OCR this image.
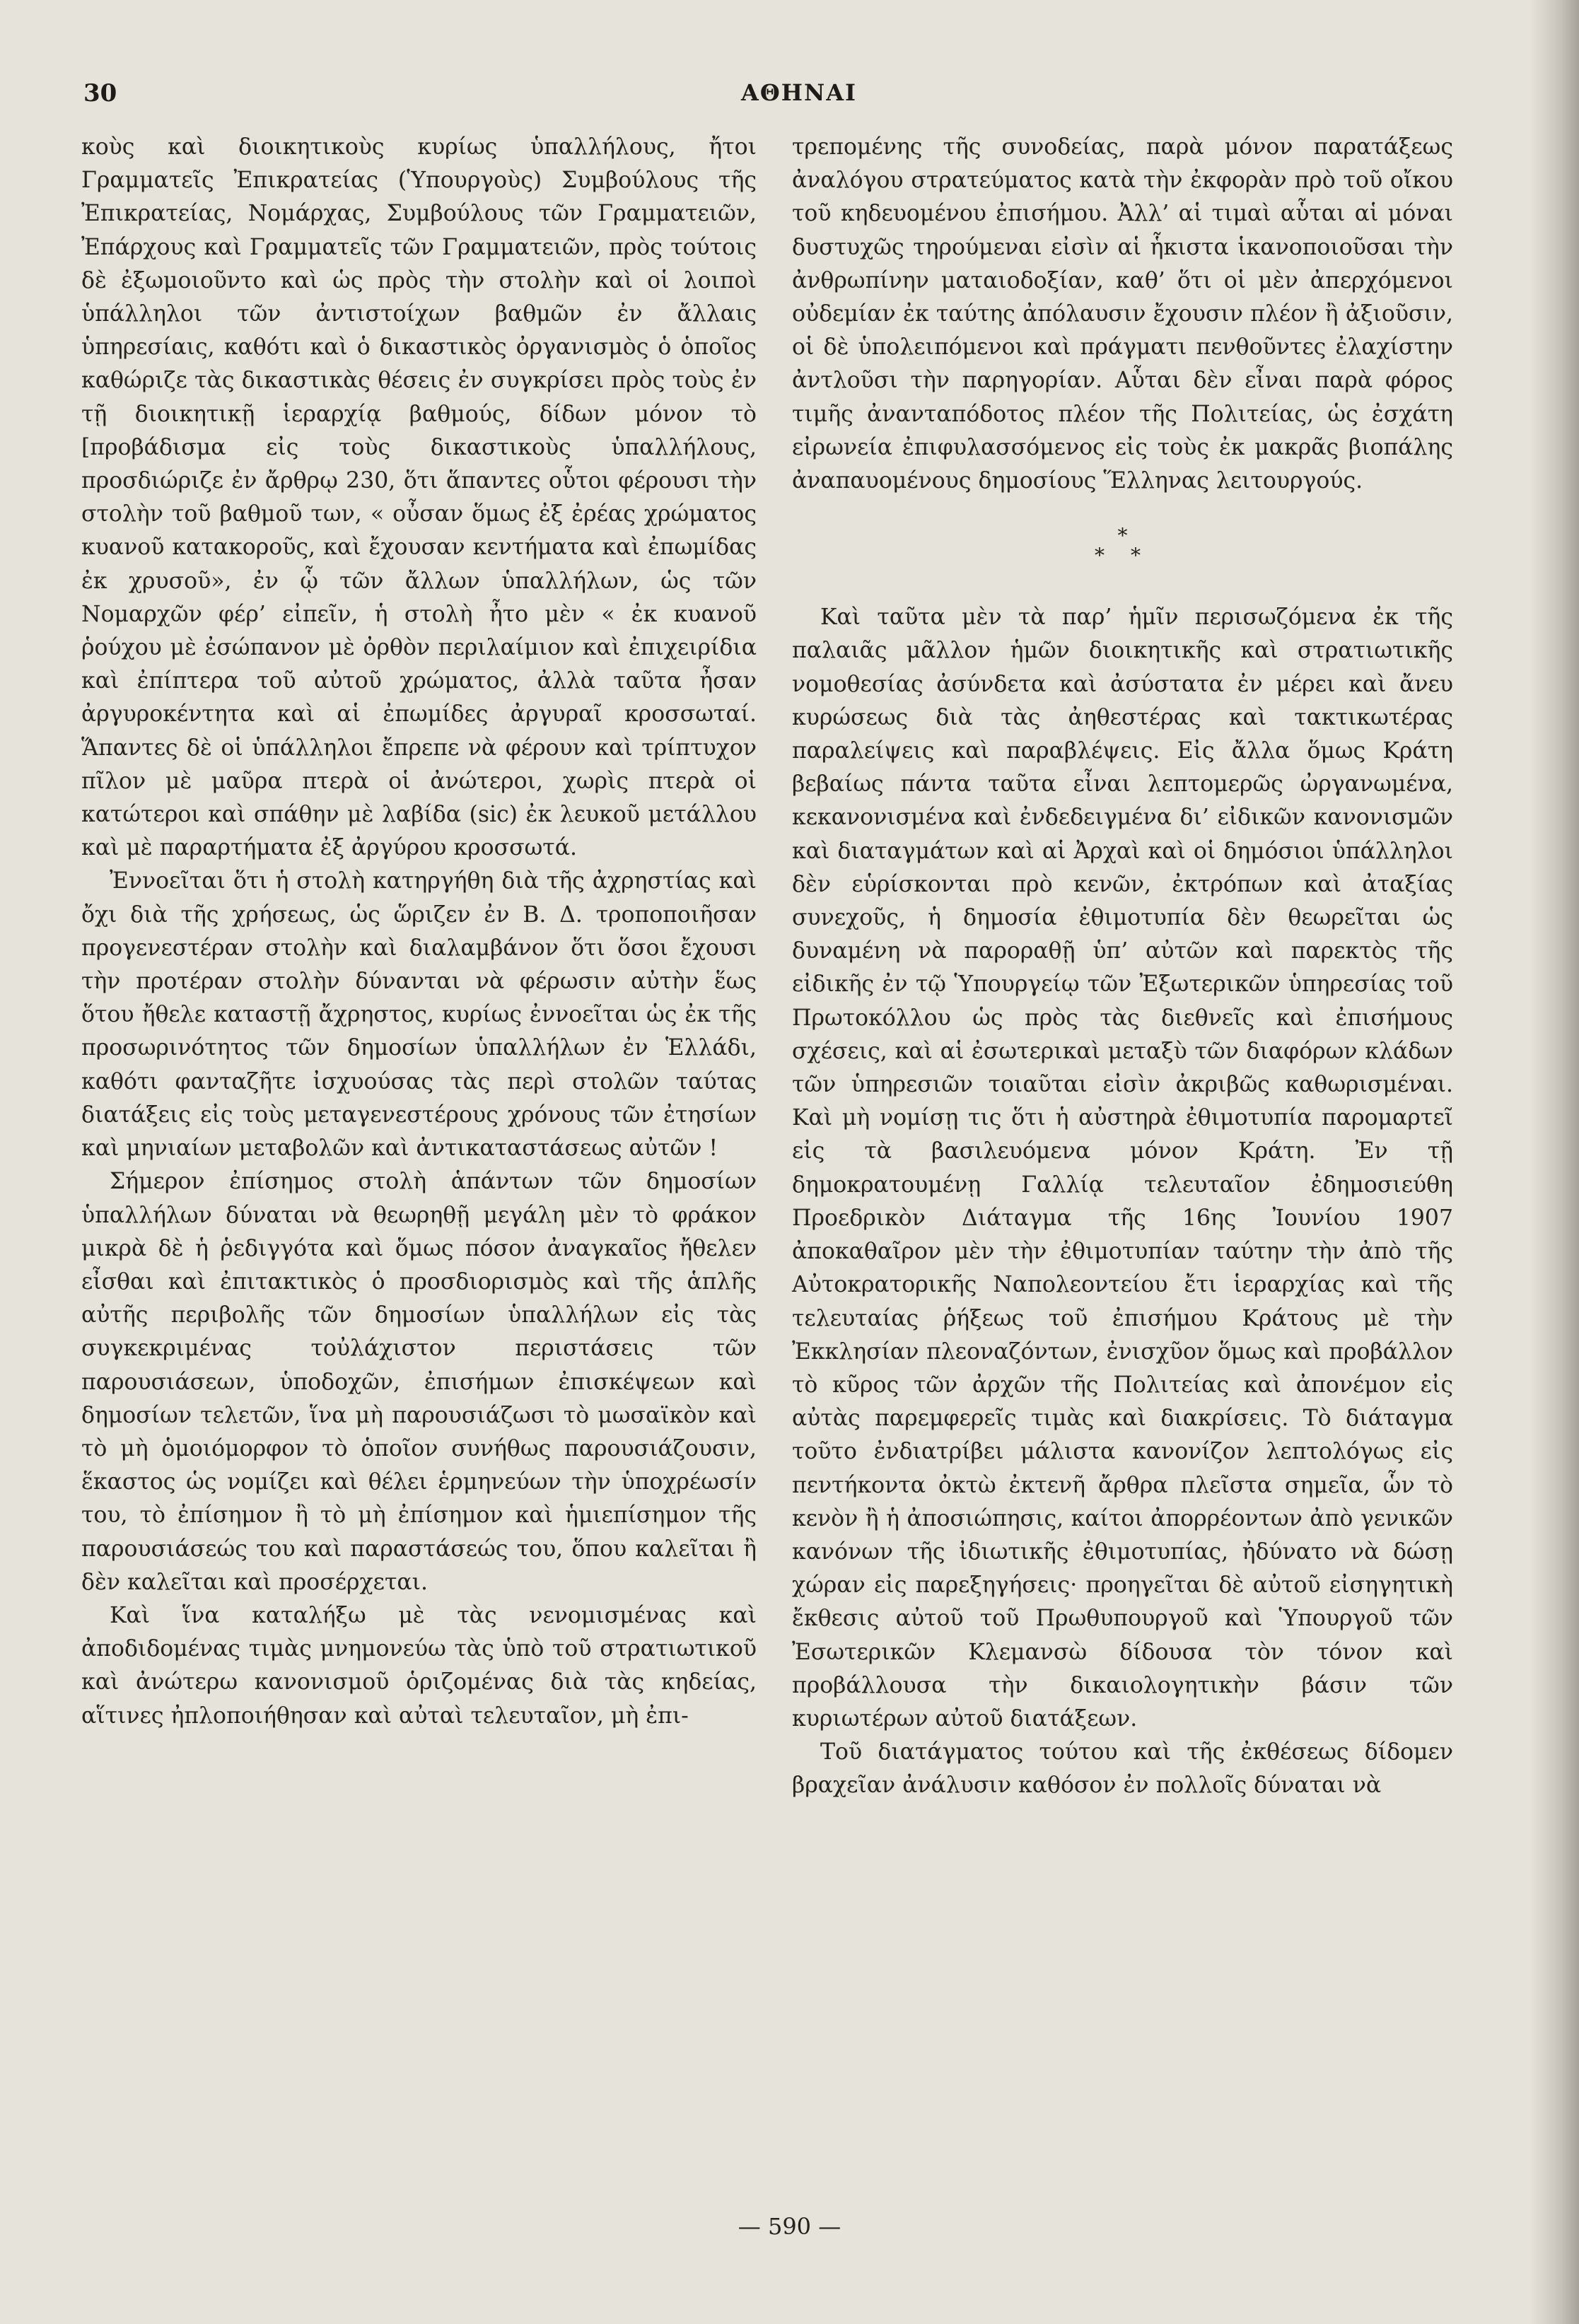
30	ΑΘΗΝΑΙ

κοὺς καὶ διοικητικοὺς κυρίως ὑπαλλήλους, ἤτοι Γραμματεῖς Ἐπικρατείας (Ὑπουργοὺς) Συμβούλους τῆς Ἐπικρατείας, Νομάρχας, Συμβούλους τῶν Γραμματειῶν, Ἐπάρχους καὶ Γραμματεῖς τῶν Γραμματειῶν, πρὸς τούτοις δὲ ἐξωμοιοῦντο καὶ ὡς πρὸς τὴν στολὴν καὶ οἱ λοιποὶ ὑπάλληλοι τῶν ἀντιστοίχων βαθμῶν ἐν ἄλλαις ὑπηρεσίαις, καθότι καὶ ὁ δικαστικὸς ὀργανισμὸς ὁ ὁποῖος καθώριζε τὰς δικαστικὰς θέσεις ἐν συγκρίσει πρὸς τοὺς ἐν τῇ διοικητικῇ ἱεραρχίᾳ βαθμούς, δίδων μόνον τὸ [προβάδισμα εἰς τοὺς δικαστικοὺς ὑπαλλήλους, προσδιώριζε ἐν ἄρθρῳ 230, ὅτι ἅπαντες οὗτοι φέρουσι τὴν στολὴν τοῦ βαθμοῦ των, « οὖσαν ὅμως ἐξ ἐρέας χρώματος κυανοῦ κατακοροῦς, καὶ ἔχουσαν κεντήματα καὶ ἐπωμίδας ἐκ χρυσοῦ», ἐν ᾧ τῶν ἄλλων ὑπαλλήλων, ὡς τῶν Νομαρχῶν φέρ’ εἰπεῖν, ἡ στολὴ ἦτο μὲν « ἐκ κυανοῦ ῥούχου μὲ ἐσώπανον μὲ ὀρθὸν περιλαίμιον καὶ ἐπιχειρίδια καὶ ἐπίπτερα τοῦ αὐτοῦ χρώματος, ἀλλὰ ταῦτα ἦσαν ἀργυροκέντητα καὶ αἱ ἐπωμίδες ἀργυραῖ κροσσωταί. Ἅπαντες δὲ οἱ ὑπάλληλοι ἔπρεπε νὰ φέρουν καὶ τρίπτυχον πῖλον μὲ μαῦρα πτερὰ οἱ ἀνώτεροι, χωρὶς πτερὰ οἱ κατώτεροι καὶ σπάθην μὲ λαβίδα (sic) ἐκ λευκοῦ μετάλλου καὶ μὲ παραρτήματα ἐξ ἀργύρου κροσσωτά.

Ἐννοεῖται ὅτι ἡ στολὴ κατηργήθη διὰ τῆς ἀχρηστίας καὶ ὄχι διὰ τῆς χρήσεως, ὡς ὥριζεν ἐν Β. Δ. τροποποιῆσαν προγενεστέραν στολὴν καὶ διαλαμβάνον ὅτι ὅσοι ἔχουσι τὴν προτέραν στολὴν δύνανται νὰ φέρωσιν αὐτὴν ἕως ὅτου ἤθελε καταστῇ ἄχρηστος, κυρίως ἐννοεῖται ὡς ἐκ τῆς προσωρινότητος τῶν δημοσίων ὑπαλλήλων ἐν Ἑλλάδι, καθότι φανταζῆτε ἰσχυούσας τὰς περὶ στολῶν ταύτας διατάξεις εἰς τοὺς μεταγενεστέρους χρόνους τῶν ἐτησίων καὶ μηνιαίων μεταβολῶν καὶ ἀντικαταστάσεως αὐτῶν !

Σήμερον ἐπίσημος στολὴ ἁπάντων τῶν δημοσίων ὑπαλλήλων δύναται νὰ θεωρηθῇ μεγάλη μὲν τὸ φράκον μικρὰ δὲ ἡ ῥεδιγγότα καὶ ὅμως πόσον ἀναγκαῖος ἤθελεν εἶσθαι καὶ ἐπιτακτικὸς ὁ προσδιορισμὸς καὶ τῆς ἁπλῆς αὐτῆς περιβολῆς τῶν δημοσίων ὑπαλλήλων εἰς τὰς συγκεκριμένας τοὐλάχιστον περιστάσεις τῶν παρουσιάσεων, ὑποδοχῶν, ἐπισήμων ἐπισκέψεων καὶ δημοσίων τελετῶν, ἵνα μὴ παρουσιάζωσι τὸ μωσαϊκὸν καὶ τὸ μὴ ὁμοιόμορφον τὸ ὁποῖον συνήθως παρουσιάζουσιν, ἕκαστος ὡς νομίζει καὶ θέλει ἑρμηνεύων τὴν ὑποχρέωσίν του, τὸ ἐπίσημον ἢ τὸ μὴ ἐπίσημον καὶ ἡμιεπίσημον τῆς παρουσιάσεώς του καὶ παραστάσεώς του, ὅπου καλεῖται ἢ δὲν καλεῖται καὶ προσέρχεται.

Καὶ ἵνα καταλήξω μὲ τὰς νενομισμένας καὶ ἀποδιδομένας τιμὰς μνημονεύω τὰς ὑπὸ τοῦ στρατιωτικοῦ καὶ ἀνώτερω κανονισμοῦ ὁριζομένας διὰ τὰς κηδείας, αἵτινες ἠπλοποιήθησαν καὶ αὐταὶ τελευταῖον, μὴ ἐπι-

τρεπομένης τῆς συνοδείας, παρὰ μόνον παρατάξεως ἀναλόγου στρατεύματος κατὰ τὴν ἐκφορὰν πρὸ τοῦ οἴκου τοῦ κηδευομένου ἐπισήμου. Ἀλλ’ αἱ τιμαὶ αὗται αἱ μόναι δυστυχῶς τηρούμεναι εἰσὶν αἱ ἧκιστα ἱκανοποιοῦσαι τὴν ἀνθρωπίνην ματαιοδοξίαν, καθ’ ὅτι οἱ μὲν ἀπερχόμενοι οὐδεμίαν ἐκ ταύτης ἀπόλαυσιν ἔχουσιν πλέον ἢ ἀξιοῦσιν, οἱ δὲ ὑπολειπόμενοι καὶ πράγματι πενθοῦντες ἐλαχίστην ἀντλοῦσι τὴν παρηγορίαν. Αὗται δὲν εἶναι παρὰ φόρος τιμῆς ἀνανταπόδοτος πλέον τῆς Πολιτείας, ὡς ἐσχάτη εἰρωνεία ἐπιφυλασσόμενος εἰς τοὺς ἐκ μακρᾶς βιοπάλης ἀναπαυομένους δημοσίους Ἕλληνας λειτουργούς.

*
* *

Καὶ ταῦτα μὲν τὰ παρ’ ἡμῖν περισωζόμενα ἐκ τῆς παλαιᾶς μᾶλλον ἡμῶν διοικητικῆς καὶ στρατιωτικῆς νομοθεσίας ἀσύνδετα καὶ ἀσύστατα ἐν μέρει καὶ ἄνευ κυρώσεως διὰ τὰς ἀηθεστέρας καὶ τακτικωτέρας παραλείψεις καὶ παραβλέψεις. Εἰς ἄλλα ὅμως Κράτη βεβαίως πάντα ταῦτα εἶναι λεπτομερῶς ὠργανωμένα, κεκανονισμένα καὶ ἐνδεδειγμένα δι’ εἰδικῶν κανονισμῶν καὶ διαταγμάτων καὶ αἱ Ἀρχαὶ καὶ οἱ δημόσιοι ὑπάλληλοι δὲν εὑρίσκονται πρὸ κενῶν, ἐκτρόπων καὶ ἀταξίας συνεχοῦς, ἡ δημοσία ἐθιμοτυπία δὲν θεωρεῖται ὡς δυναμένη νὰ παροραθῇ ὑπ’ αὐτῶν καὶ παρεκτὸς τῆς εἰδικῆς ἐν τῷ Ὑπουργείῳ τῶν Ἐξωτερικῶν ὑπηρεσίας τοῦ Πρωτοκόλλου ὡς πρὸς τὰς διεθνεῖς καὶ ἐπισήμους σχέσεις, καὶ αἱ ἐσωτερικαὶ μεταξὺ τῶν διαφόρων κλάδων τῶν ὑπηρεσιῶν τοιαῦται εἰσὶν ἀκριβῶς καθωρισμέναι. Καὶ μὴ νομίσῃ τις ὅτι ἡ αὐστηρὰ ἐθιμοτυπία παρομαρτεῖ εἰς τὰ βασιλευόμενα μόνον Κράτη. Ἐν τῇ δημοκρατουμένῃ Γαλλίᾳ τελευταῖον ἐδημοσιεύθη Προεδρικὸν Διάταγμα τῆς 16ης Ἰουνίου 1907 ἀποκαθαῖρον μὲν τὴν ἐθιμοτυπίαν ταύτην τὴν ἀπὸ τῆς Αὐτοκρατορικῆς Ναπολεοντείου ἔτι ἱεραρχίας καὶ τῆς τελευταίας ῥήξεως τοῦ ἐπισήμου Κράτους μὲ τὴν Ἐκκλησίαν πλεοναζόντων, ἐνισχῦον ὅμως καὶ προβάλλον τὸ κῦρος τῶν ἀρχῶν τῆς Πολιτείας καὶ ἀπονέμον εἰς αὐτὰς παρεμφερεῖς τιμὰς καὶ διακρίσεις. Τὸ διάταγμα τοῦτο ἐνδιατρίβει μάλιστα κανονίζον λεπτολόγως εἰς πεντήκοντα ὀκτὼ ἐκτενῆ ἄρθρα πλεῖστα σημεῖα, ὧν τὸ κενὸν ἢ ἡ ἀποσιώπησις, καίτοι ἀπορρέοντων ἀπὸ γενικῶν κανόνων τῆς ἰδιωτικῆς ἐθιμοτυπίας, ἠδύνατο νὰ δώσῃ χώραν εἰς παρεξηγήσεις· προηγεῖται δὲ αὐτοῦ εἰσηγητικὴ ἔκθεσις αὐτοῦ τοῦ Πρωθυπουργοῦ καὶ Ὑπουργοῦ τῶν Ἐσωτερικῶν Κλεμανσὼ δίδουσα τὸν τόνον καὶ προβάλλουσα τὴν δικαιολογητικὴν βάσιν τῶν κυριωτέρων αὐτοῦ διατάξεων.

Τοῦ διατάγματος τούτου καὶ τῆς ἐκθέσεως δίδομεν βραχεῖαν ἀνάλυσιν καθόσον ἐν πολλοῖς δύναται νὰ

— 590 —
